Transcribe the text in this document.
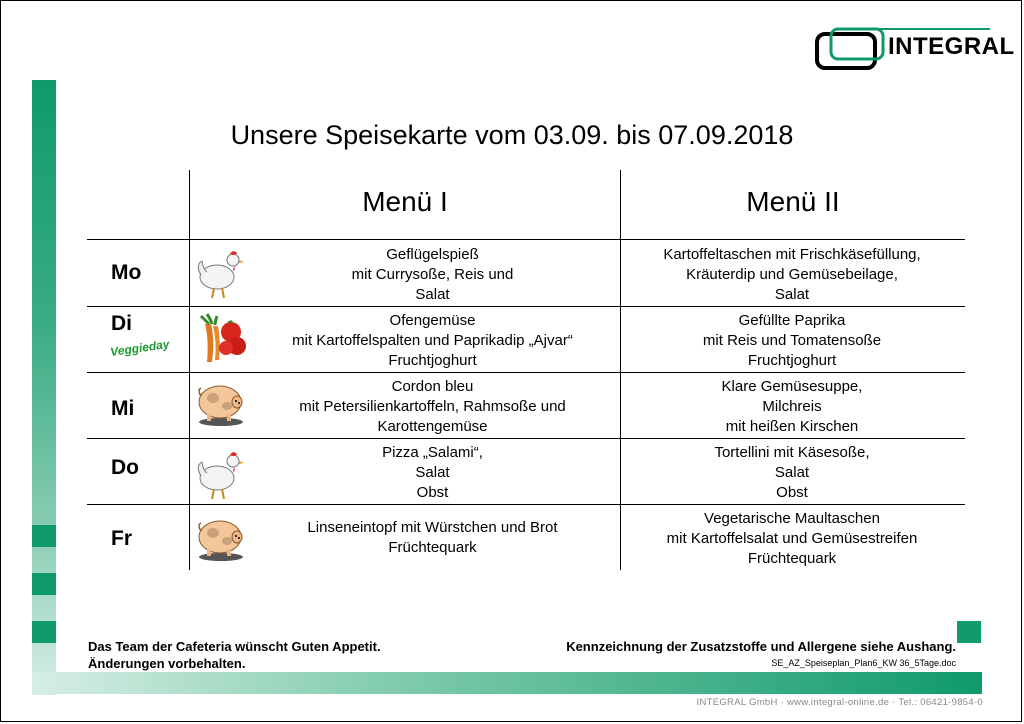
INTEGRAL
Unsere Speisekarte vom 03.09. bis 07.09.2018
Menü I	Menü II
Mo
Geflügelspieß
mit Currysoße, Reis und
Salat
Kartoffeltaschen mit Frischkäsefüllung,
Kräuterdip und Gemüsebeilage,
Salat
Di
Veggieday
Ofengemüse
mit Kartoffelspalten und Paprikadip „Ajvar“
Fruchtjoghurt
Gefüllte Paprika
mit Reis und Tomatensoße
Fruchtjoghurt
Mi
Cordon bleu
mit Petersilienkartoffeln, Rahmsoße und
Karottengemüse
Klare Gemüsesuppe,
Milchreis
mit heißen Kirschen
Do
Pizza „Salami“,
Salat
Obst
Tortellini mit Käsesoße,
Salat
Obst
Fr	Linseneintopf mit Würstchen und Brot
Früchtequark
Vegetarische Maultaschen
mit Kartoffelsalat und Gemüsestreifen
Früchtequark
Das Team der Cafeteria wünscht Guten Appetit.
Änderungen vorbehalten.
Kennzeichnung der Zusatzstoffe und Allergene siehe Aushang.
SE_AZ_Speiseplan_Plan6_KW 36_5Tage.doc
INTEGRAL GmbH · www.integral-online.de · Tel.: 06421-9854-0
